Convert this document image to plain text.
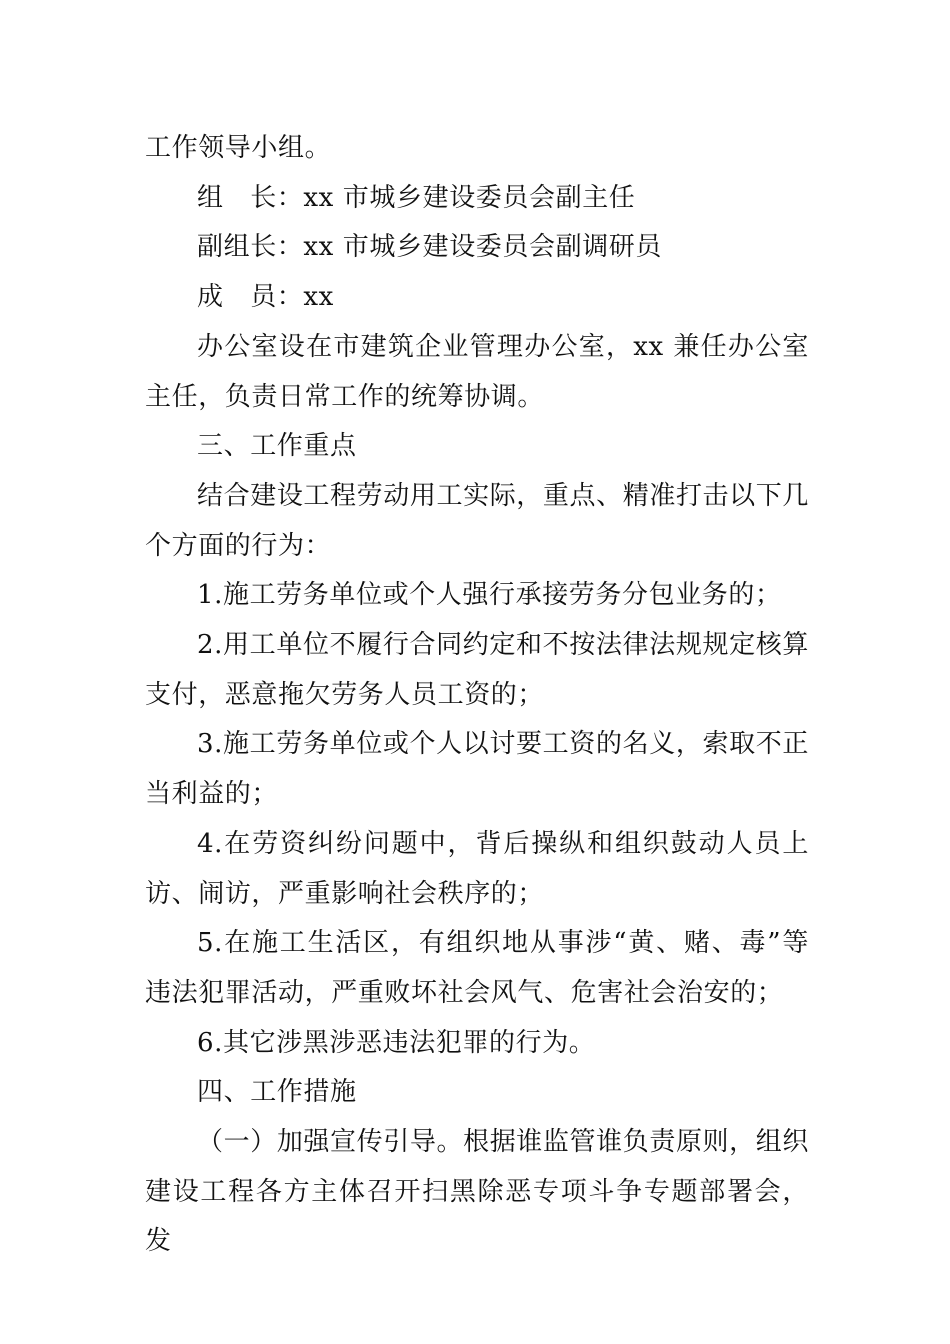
工作领导小组。

组　长：xx 市城乡建设委员会副主任

副组长：xx 市城乡建设委员会副调研员

成　员：xx

办公室设在市建筑企业管理办公室，xx 兼任办公室主任，负责日常工作的统筹协调。

三、工作重点

结合建设工程劳动用工实际，重点、精准打击以下几个方面的行为：

1.施工劳务单位或个人强行承接劳务分包业务的；

2.用工单位不履行合同约定和不按法律法规规定核算支付，恶意拖欠劳务人员工资的；

3.施工劳务单位或个人以讨要工资的名义，索取不正当利益的；

4.在劳资纠纷问题中，背后操纵和组织鼓动人员上访、闹访，严重影响社会秩序的；

5.在施工生活区，有组织地从事涉“黄、赌、毒”等违法犯罪活动，严重败坏社会风气、危害社会治安的；

6.其它涉黑涉恶违法犯罪的行为。

四、工作措施

（一）加强宣传引导。根据谁监管谁负责原则，组织建设工程各方主体召开扫黑除恶专项斗争专题部署会，发
